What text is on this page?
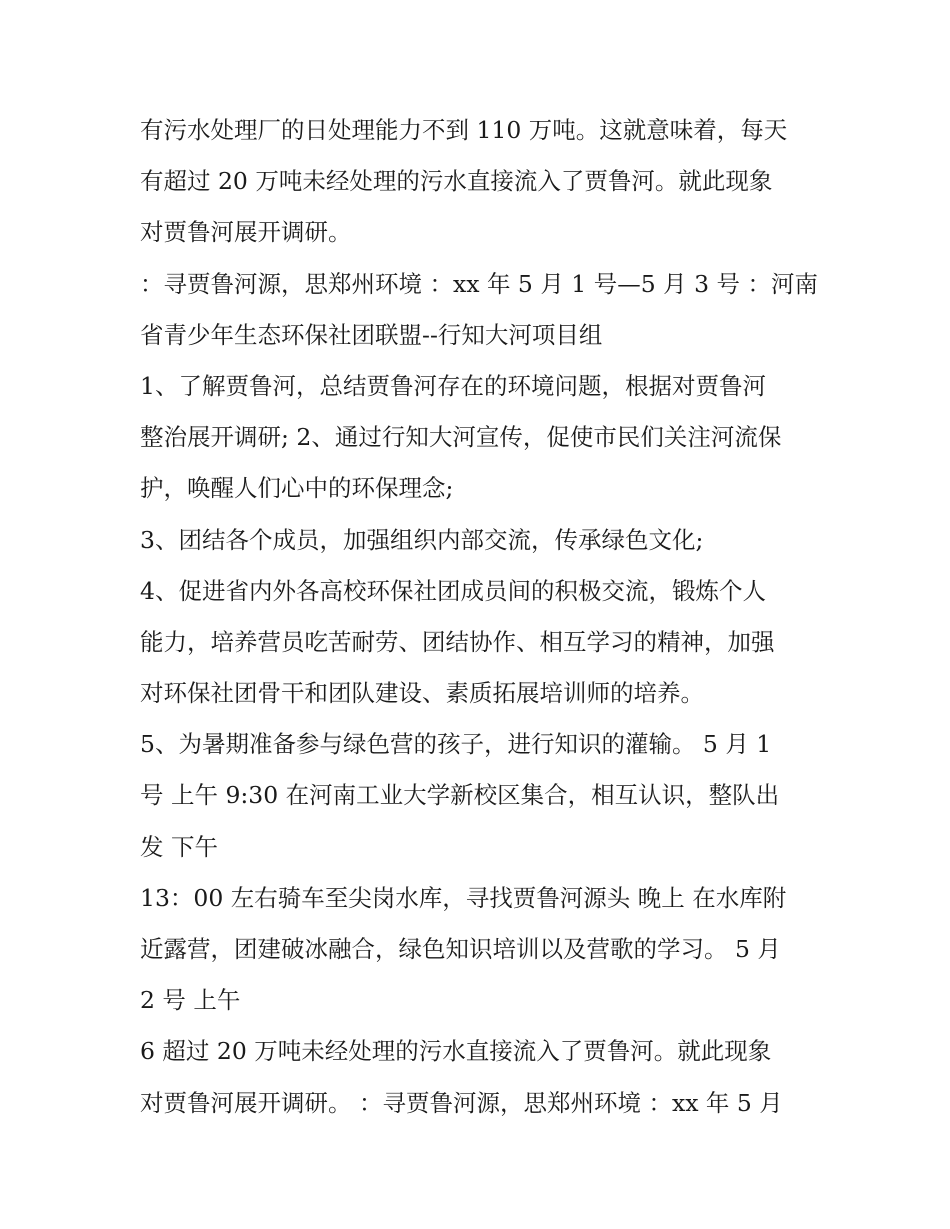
有污水处理厂的日处理能力不到 110 万吨。这就意味着，每天
有超过 20 万吨未经处理的污水直接流入了贾鲁河。就此现象
对贾鲁河展开调研。
：寻贾鲁河源，思郑州环境 ：xx 年 5 月 1 号—5 月 3 号 ：河南
省青少年生态环保社团联盟--行知大河项目组
1、了解贾鲁河，总结贾鲁河存在的环境问题，根据对贾鲁河
整治展开调研; 2、通过行知大河宣传，促使市民们关注河流保
护，唤醒人们心中的环保理念;
3、团结各个成员，加强组织内部交流，传承绿色文化;
4、促进省内外各高校环保社团成员间的积极交流，锻炼个人
能力，培养营员吃苦耐劳、团结协作、相互学习的精神，加强
对环保社团骨干和团队建设、素质拓展培训师的培养。
5、为暑期准备参与绿色营的孩子，进行知识的灌输。 5 月 1
号 上午 9:30 在河南工业大学新校区集合，相互认识，整队出
发 下午
13：00 左右骑车至尖岗水库，寻找贾鲁河源头 晚上 在水库附
近露营，团建破冰融合，绿色知识培训以及营歌的学习。 5 月
2 号 上午
6 超过 20 万吨未经处理的污水直接流入了贾鲁河。就此现象
对贾鲁河展开调研。 ：寻贾鲁河源，思郑州环境 ：xx 年 5 月
